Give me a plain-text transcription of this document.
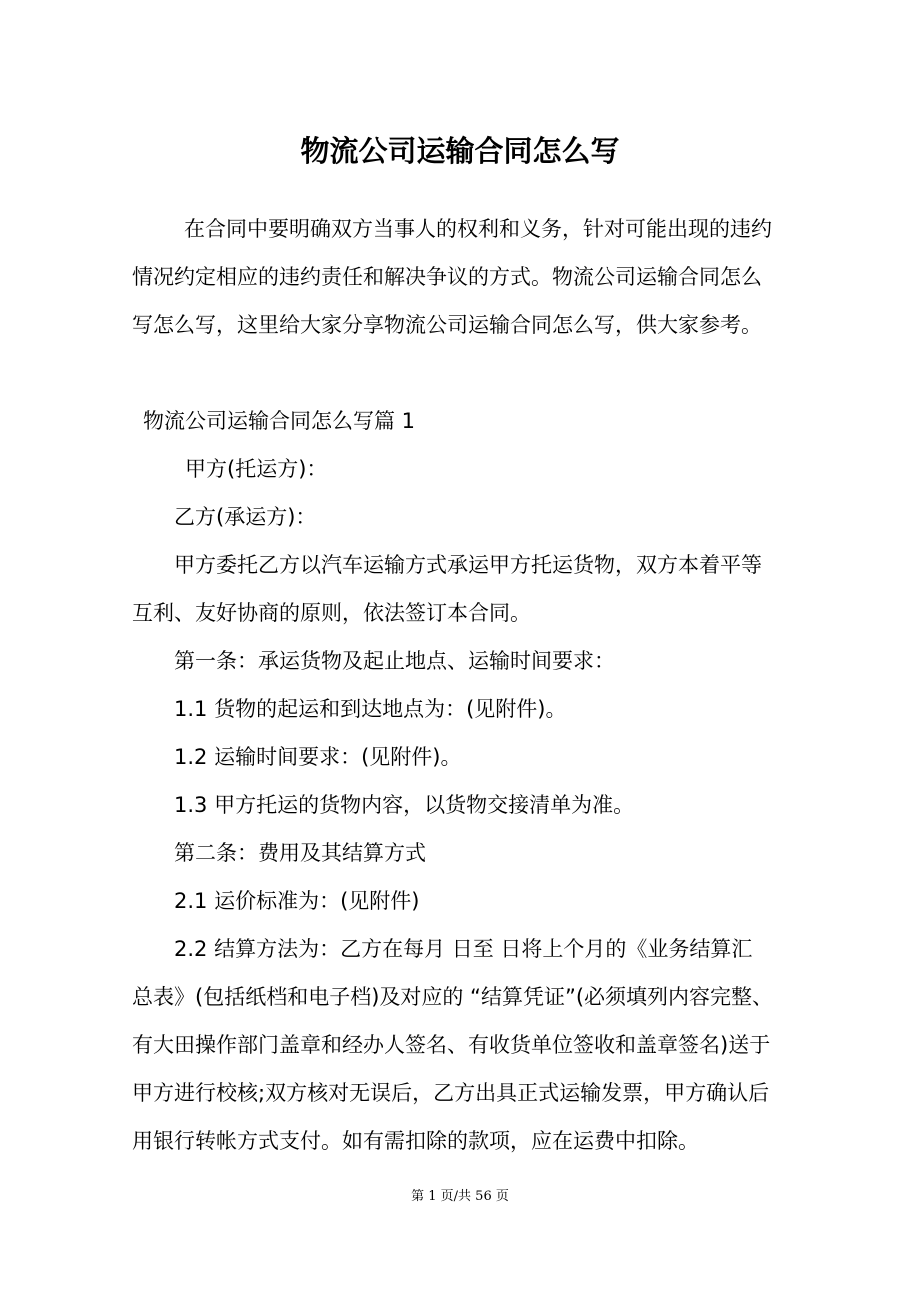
物流公司运输合同怎么写
在合同中要明确双方当事人的权利和义务，针对可能出现的违约
情况约定相应的违约责任和解决争议的方式。物流公司运输合同怎么
写怎么写，这里给大家分享物流公司运输合同怎么写，供大家参考。
物流公司运输合同怎么写篇 1
甲方(托运方)：
乙方(承运方)：
甲方委托乙方以汽车运输方式承运甲方托运货物，双方本着平等
互利、友好协商的原则，依法签订本合同。
第一条：承运货物及起止地点、运输时间要求：
1.1 货物的起运和到达地点为：(见附件)。
1.2 运输时间要求：(见附件)。
1.3 甲方托运的货物内容，以货物交接清单为准。
第二条：费用及其结算方式
2.1 运价标准为：(见附件)
2.2 结算方法为：乙方在每月 日至 日将上个月的《业务结算汇
总表》(包括纸档和电子档)及对应的 “结算凭证”(必须填列内容完整、
有大田操作部门盖章和经办人签名、有收货单位签收和盖章签名)送于
甲方进行校核;双方核对无误后，乙方出具正式运输发票，甲方确认后
用银行转帐方式支付。如有需扣除的款项，应在运费中扣除。
第 1 页/共 56 页
